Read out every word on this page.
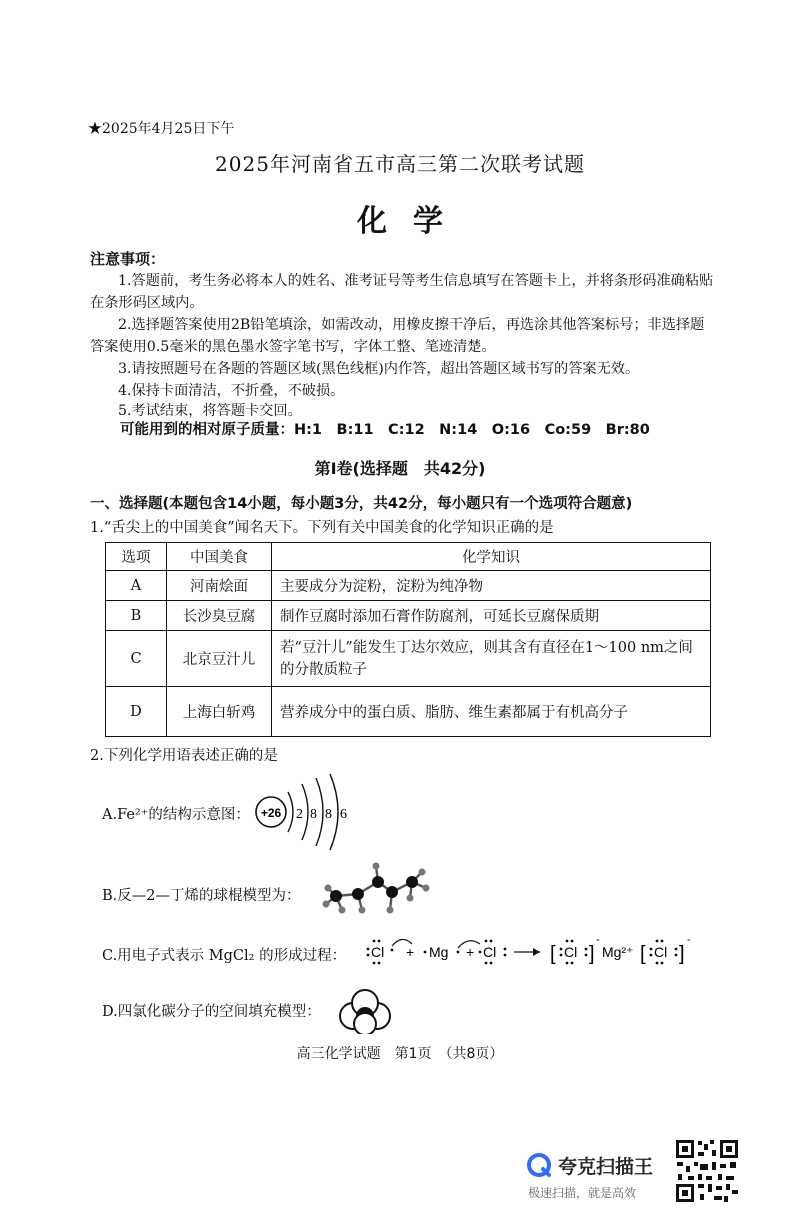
★2025年4月25日下午
2025年河南省五市高三第二次联考试题
化学
注意事项：
1.答题前，考生务必将本人的姓名、准考证号等考生信息填写在答题卡上，并将条形码准确粘贴在条形码区域内。
2.选择题答案使用2B铅笔填涂，如需改动，用橡皮擦干净后，再选涂其他答案标号；非选择题答案使用0.5毫米的黑色墨水签字笔书写，字体工整、笔迹清楚。
3.请按照题号在各题的答题区域(黑色线框)内作答，超出答题区域书写的答案无效。
4.保持卡面清洁，不折叠，不破损。
5.考试结束，将答题卡交回。
可能用到的相对原子质量：H:1　B:11　C:12　N:14　O:16　Co:59　Br:80
第Ⅰ卷(选择题　共42分)
一、选择题(本题包含14小题，每小题3分，共42分，每小题只有一个选项符合题意)
1.“舌尖上的中国美食”闻名天下。下列有关中国美食的化学知识正确的是
选项	中国美食	化学知识
A	河南烩面	主要成分为淀粉，淀粉为纯净物
B	长沙臭豆腐	制作豆腐时添加石膏作防腐剂，可延长豆腐保质期
C	北京豆汁儿	若“豆汁儿”能发生丁达尔效应，则其含有直径在1～100 nm之间的分散质粒子
D	上海白斩鸡	营养成分中的蛋白质、脂肪、维生素都属于有机高分子
2.下列化学用语表述正确的是
A.Fe²⁺的结构示意图： +26 2 8 8 6
B.反—2—丁烯的球棍模型为：
C.用电子式表示 MgCl₂ 的形成过程： Cl + Mg + Cl	[ Cl ]
-
Mg²⁺ [ Cl ]
-
D.四氯化碳分子的空间填充模型：
高三化学试题　第1页　（共8页）
夸克扫描王
极速扫描，就是高效
